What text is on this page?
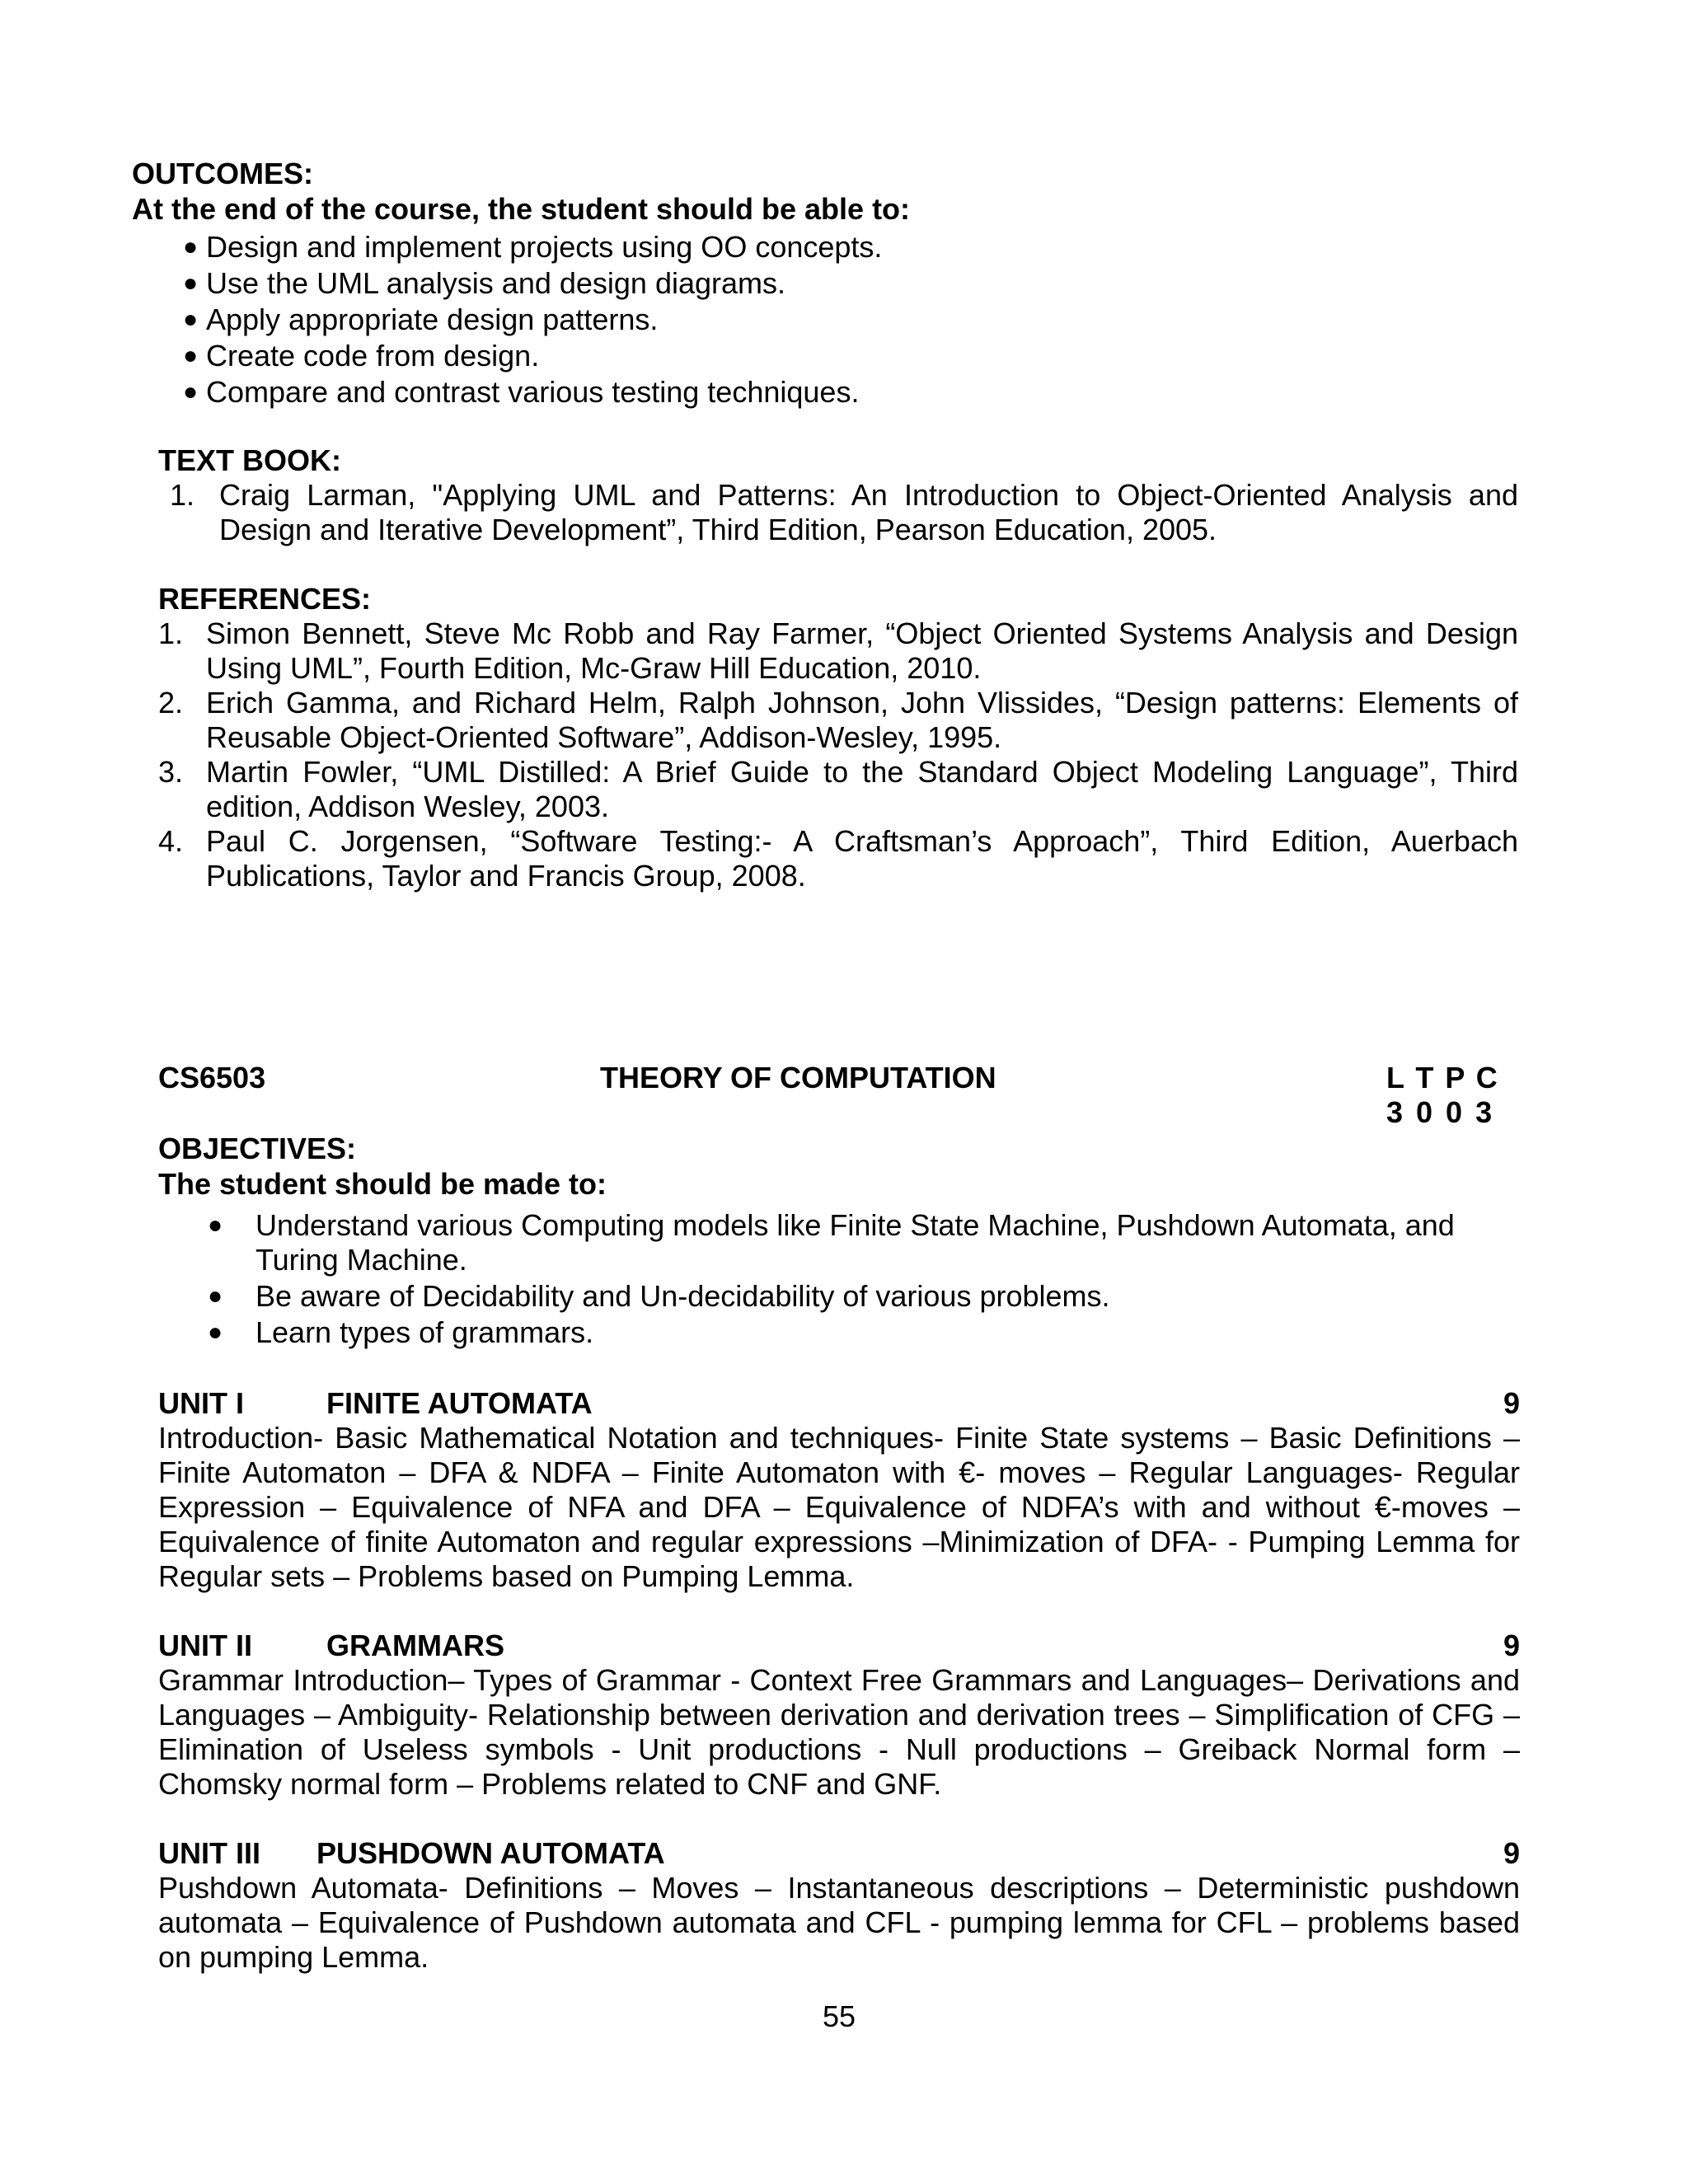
OUTCOMES:
At the end of the course, the student should be able to:
● Design and implement projects using OO concepts.
● Use the UML analysis and design diagrams.
● Apply appropriate design patterns.
● Create code from design.
● Compare and contrast various testing techniques.
TEXT BOOK:
1. Craig Larman, "Applying UML and Patterns: An Introduction to Object-Oriented Analysis and Design and Iterative Development”, Third Edition, Pearson Education, 2005.
REFERENCES:
1. Simon Bennett, Steve Mc Robb and Ray Farmer, “Object Oriented Systems Analysis and Design Using UML”, Fourth Edition, Mc-Graw Hill Education, 2010.
2. Erich Gamma, and Richard Helm, Ralph Johnson, John Vlissides, “Design patterns: Elements of Reusable Object-Oriented Software”, Addison-Wesley, 1995.
3. Martin Fowler, “UML Distilled: A Brief Guide to the Standard Object Modeling Language”, Third edition, Addison Wesley, 2003.
4. Paul C. Jorgensen, “Software Testing:- A Craftsman’s Approach”, Third Edition, Auerbach Publications, Taylor and Francis Group, 2008.
CS6503	THEORY OF COMPUTATION	L T P C
3 0 0 3
OBJECTIVES:
The student should be made to:
● Understand various Computing models like Finite State Machine, Pushdown Automata, and Turing Machine.
● Be aware of Decidability and Un-decidability of various problems.
● Learn types of grammars.
UNIT I	FINITE AUTOMATA	9
Introduction- Basic Mathematical Notation and techniques- Finite State systems – Basic Definitions – Finite Automaton – DFA & NDFA – Finite Automaton with €- moves – Regular Languages- Regular Expression – Equivalence of NFA and DFA – Equivalence of NDFA’s with and without €-moves – Equivalence of finite Automaton and regular expressions –Minimization of DFA- - Pumping Lemma for Regular sets – Problems based on Pumping Lemma.
UNIT II	GRAMMARS	9
Grammar Introduction– Types of Grammar - Context Free Grammars and Languages– Derivations and Languages – Ambiguity- Relationship between derivation and derivation trees – Simplification of CFG – Elimination of Useless symbols - Unit productions - Null productions – Greiback Normal form – Chomsky normal form – Problems related to CNF and GNF.
UNIT III PUSHDOWN AUTOMATA	9
Pushdown Automata- Definitions – Moves – Instantaneous descriptions – Deterministic pushdown automata – Equivalence of Pushdown automata and CFL - pumping lemma for CFL – problems based on pumping Lemma.
55
